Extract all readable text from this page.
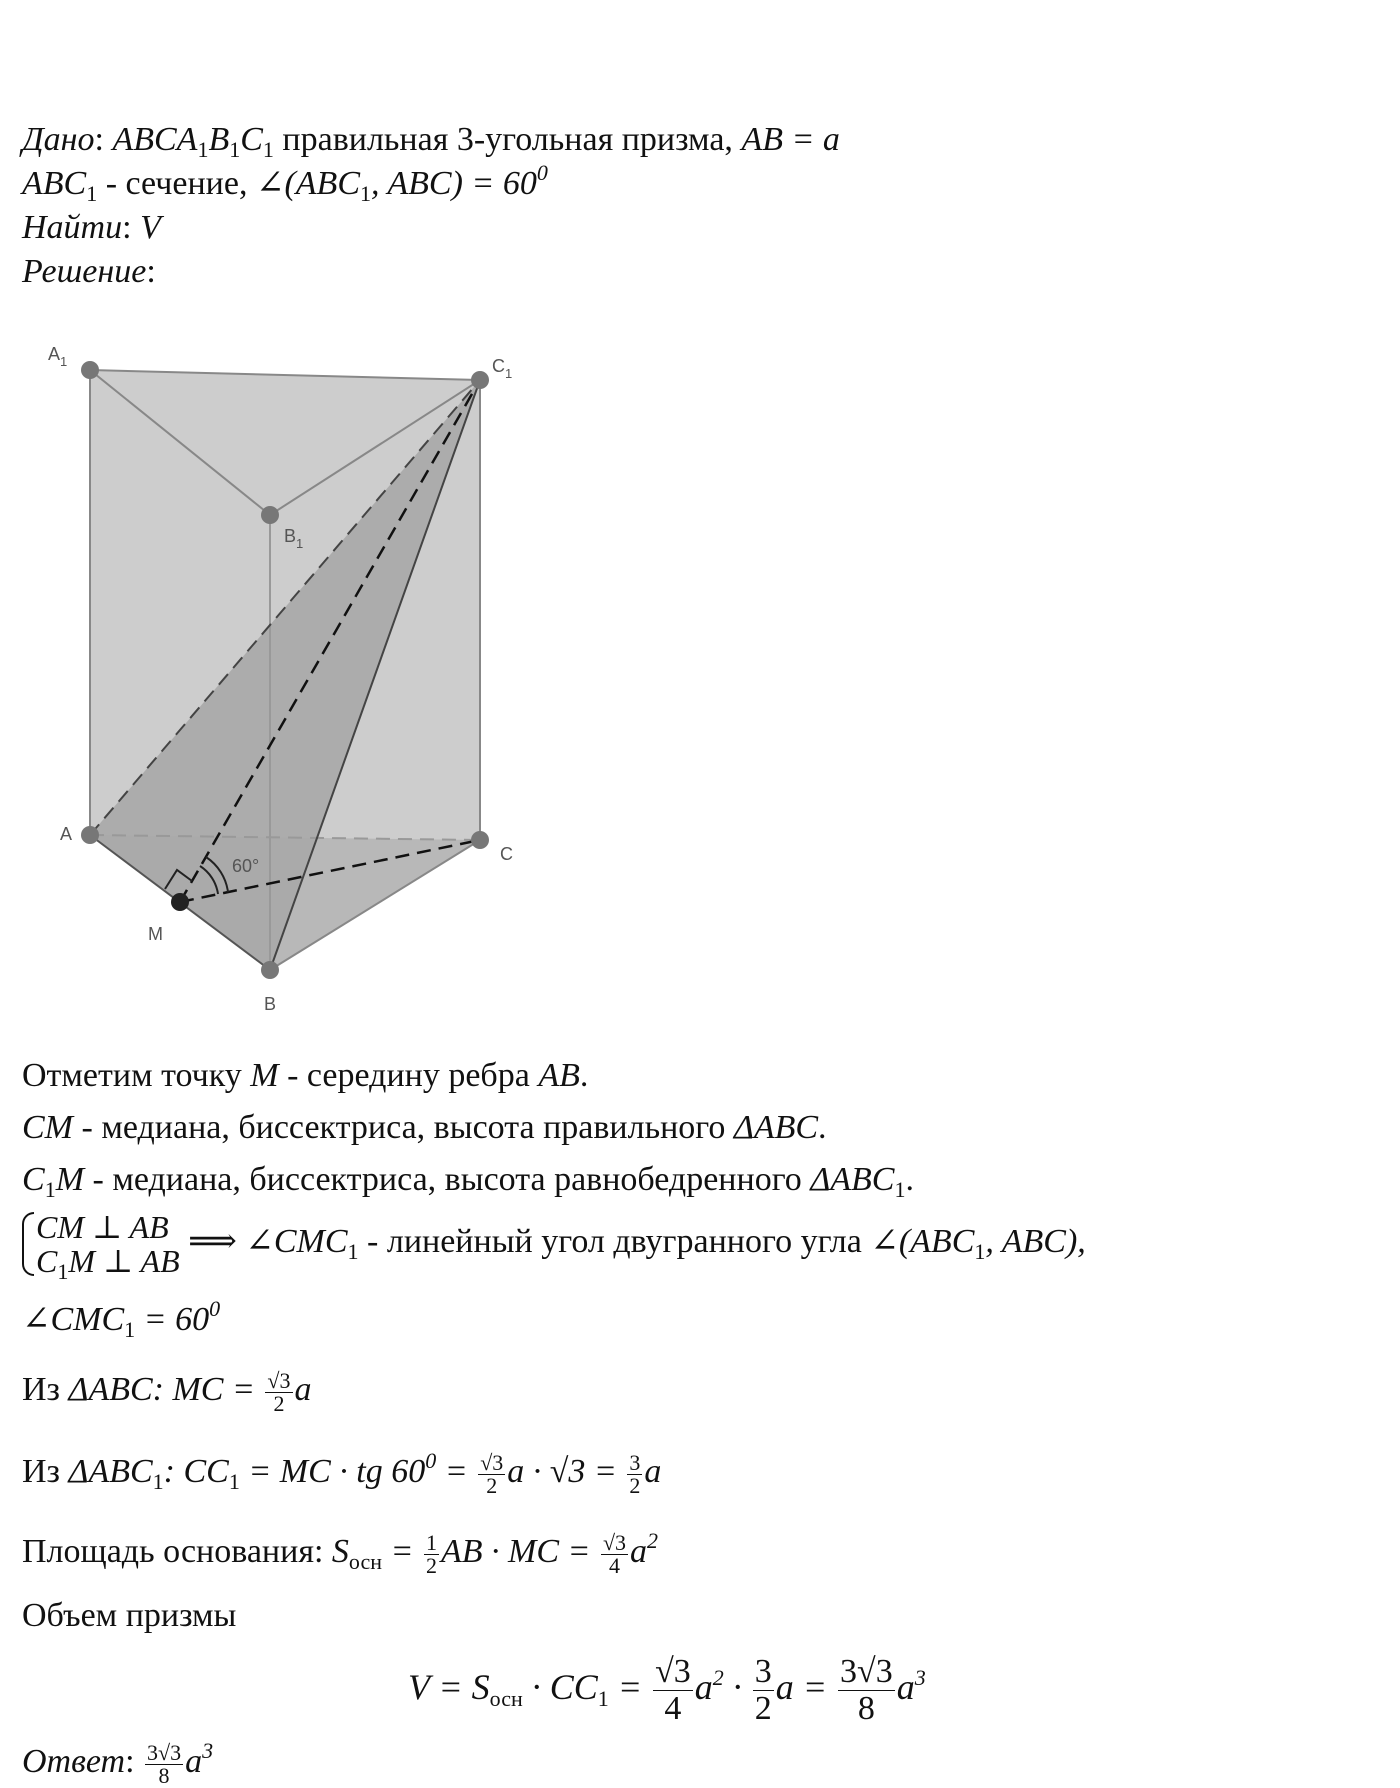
Дано: $ABCA_1B_1C_1$ правильная 3-угольная призма, AB = a
$ABC_1$ - сечение, $\angle(ABC_1$, $ABC) = 60^0$
Найти: V
Решение:
$A_1$	$C_1$
$B_1$
A
C
M
B
60°
Отметим точку M - середину ребра AB.
CM - медиана, биссектриса, высота правильного ΔABC.
$C_1M$ - медиана, биссектриса, высота равнобедренного $\Delta ABC_1$.
CM ⊥ AB
$C_1M$ ⊥ AB
⟹ $\angle CMC_1$ - линейный угол двугранного угла $\angle(ABC_1$, ABC),
$\angle CMC_1 = 60^0$
Из ΔABC: MC = $\frac{√3}{2}$ a
Из $\Delta ABC_1$: $CC_1$ = MC · tg $60^0 = \frac{√3}{2}$ $a \cdot √3 = \frac{3}{2}$ a
Площадь основания: $S_{осн} = \frac{1}{2}$ AB · MC = $\frac{√3}{4} a^2$
Объем призмы
$V = S_{осн} \cdot CC_1 = \frac{√3}{4} a^2 \cdot \frac{3}{2}$ $a = \frac{3√3}{8} a^3$
Ответ: $\frac{3√3}{8} a^3$
